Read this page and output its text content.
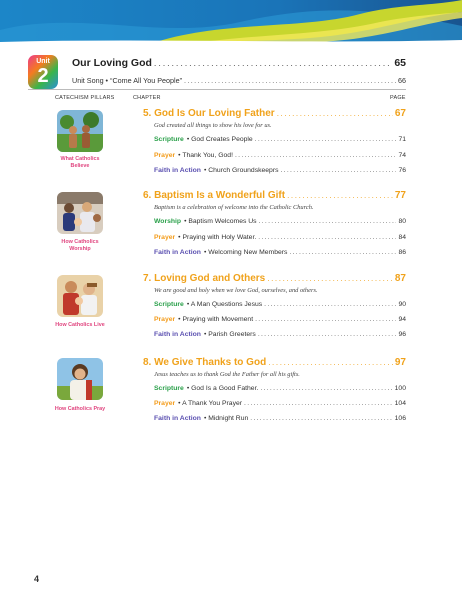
Unit
2
Our Loving God . . .	65
Unit Song • “Come All You People” . . .	66
CATECHISM PILLARS	CHAPTER	PAGE
What Catholics Believe
5. God Is Our Loving Father . . .	67
God created all things to show his love for us.
Scripture • God Creates People . . .	71
Prayer • Thank You, God! . . .	74
Faith in Action • Church Groundskeeprs . . .	76
How Catholics Worship
6. Baptism Is a Wonderful Gift . . .	77
Baptism is a celebration of welcome into the Catholic Church.
Worship • Baptism Welcomes Us . . .	80
Prayer • Praying with Holy Water. . . .	84
Faith in Action • Welcoming New Members . . .	86
How Catholics Live
7. Loving God and Others . . .	87
We are good and holy when we love God, ourselves, and others.
Scripture • A Man Questions Jesus . . .	90
Prayer • Praying with Movement . . .	94
Faith in Action • Parish Greeters . . .	96
How Catholics Pray
8. We Give Thanks to God . . .	97
Jesus teaches us to thank God the Father for all his gifts.
Scripture • God Is a Good Father. . . .	100
Prayer • A Thank You Prayer . . .	104
Faith in Action • Midnight Run . . .	106
4
